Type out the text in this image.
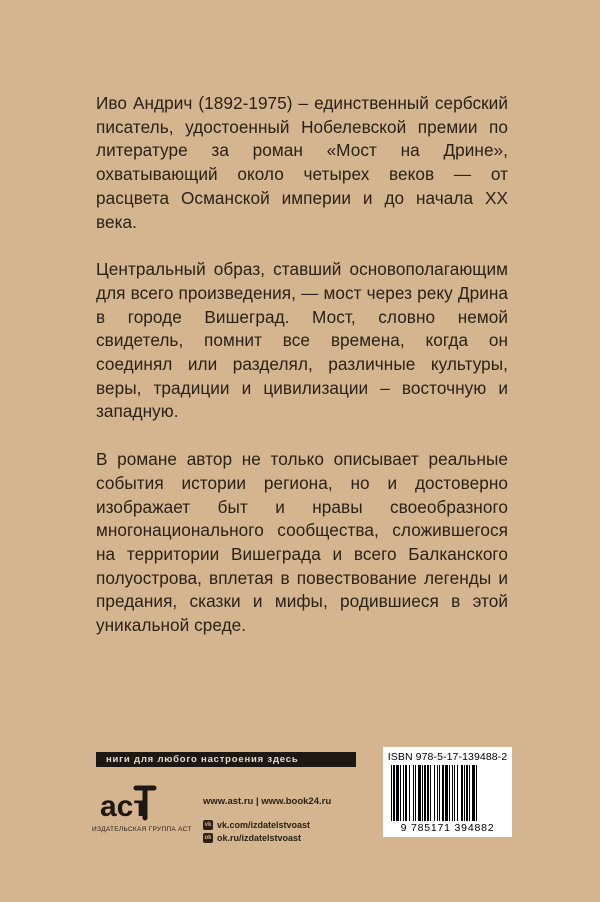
Иво Андрич (1892-1975) – единственный сербский писатель, удостоенный Нобелевской премии по литературе за роман «Мост на Дрине», охватывающий около четырех веков — от расцвета Османской империи и до начала XX века.

Центральный образ, ставший основополагающим для всего произведения, — мост через реку Дрина в городе Вишеград. Мост, словно немой свидетель, помнит все времена, когда он соединял или разделял, различные культуры, веры, традиции и цивилизации – восточную и западную.

В романе автор не только описывает реальные события истории региона, но и достоверно изображает быт и нравы своеобразного многонационального сообщества, сложившегося на территории Вишеграда и всего Балканского полуострова, вплетая в повествование легенды и предания, сказки и мифы, родившиеся в этой уникальной среде.

ниги для любого настроения здесь
аст
ИЗДАТЕЛЬСКАЯ ГРУППА АСТ
www.ast.ru | www.book24.ru
vk vk.com/izdatelstvoast
ok ok.ru/izdatelstvoast
ISBN 978-5-17-139488-2
9 785171 394882
